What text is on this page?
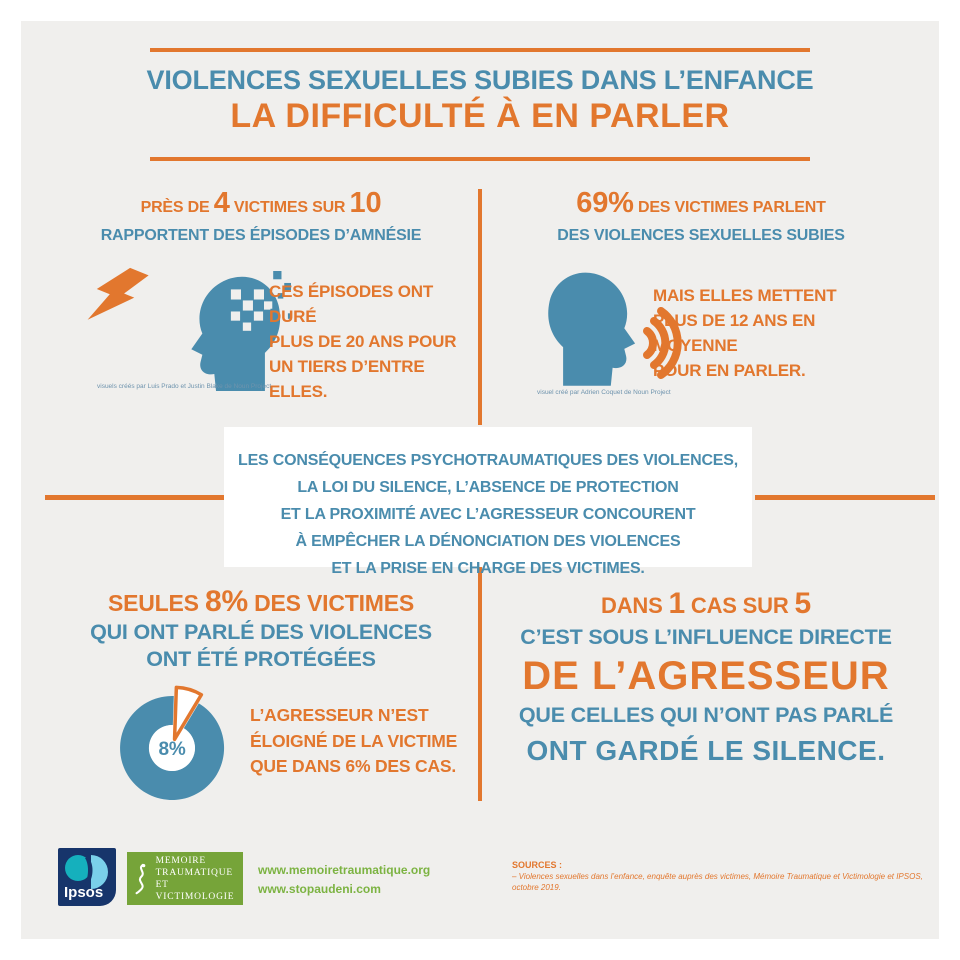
VIOLENCES SEXUELLES SUBIES DANS L’ENFANCE
LA DIFFICULTÉ À EN PARLER
PRÈS DE 4 VICTIMES SUR 10
RAPPORTENT DES ÉPISODES D’AMNÉSIE
CES ÉPISODES ONT DURÉ
PLUS DE 20 ANS POUR
UN TIERS D’ENTRE ELLES.
visuels créés par Luis Prado et Justin Blake de Noun Project
69% DES VICTIMES PARLENT
DES VIOLENCES SEXUELLES SUBIES
MAIS ELLES METTENT
PLUS DE 12 ANS EN MOYENNE
POUR EN PARLER.
visuel créé par Adrien Coquet de Noun Project
LES CONSÉQUENCES PSYCHOTRAUMATIQUES DES VIOLENCES,
LA LOI DU SILENCE, L’ABSENCE DE PROTECTION
ET LA PROXIMITÉ AVEC L’AGRESSEUR CONCOURENT
À EMPÊCHER LA DÉNONCIATION DES VIOLENCES
ET LA PRISE EN CHARGE DES VICTIMES.
SEULES 8% DES VICTIMES
QUI ONT PARLÉ DES VIOLENCES
ONT ÉTÉ PROTÉGÉES
8%
L’AGRESSEUR N’EST
ÉLOIGNÉ DE LA VICTIME
QUE DANS 6% DES CAS.
DANS 1 CAS SUR 5
C’EST SOUS L’INFLUENCE DIRECTE
DE L’AGRESSEUR
QUE CELLES QUI N’ONT PAS PARLÉ
ONT GARDÉ LE SILENCE.
Ipsos
MEMOIRE
TRAUMATIQUE
ET VICTIMOLOGIE
www.memoiretraumatique.org
www.stopaudeni.com
SOURCES :
– Violences sexuelles dans l’enfance, enquête auprès des victimes, Mémoire Traumatique et Victimologie et IPSOS, octobre 2019.
